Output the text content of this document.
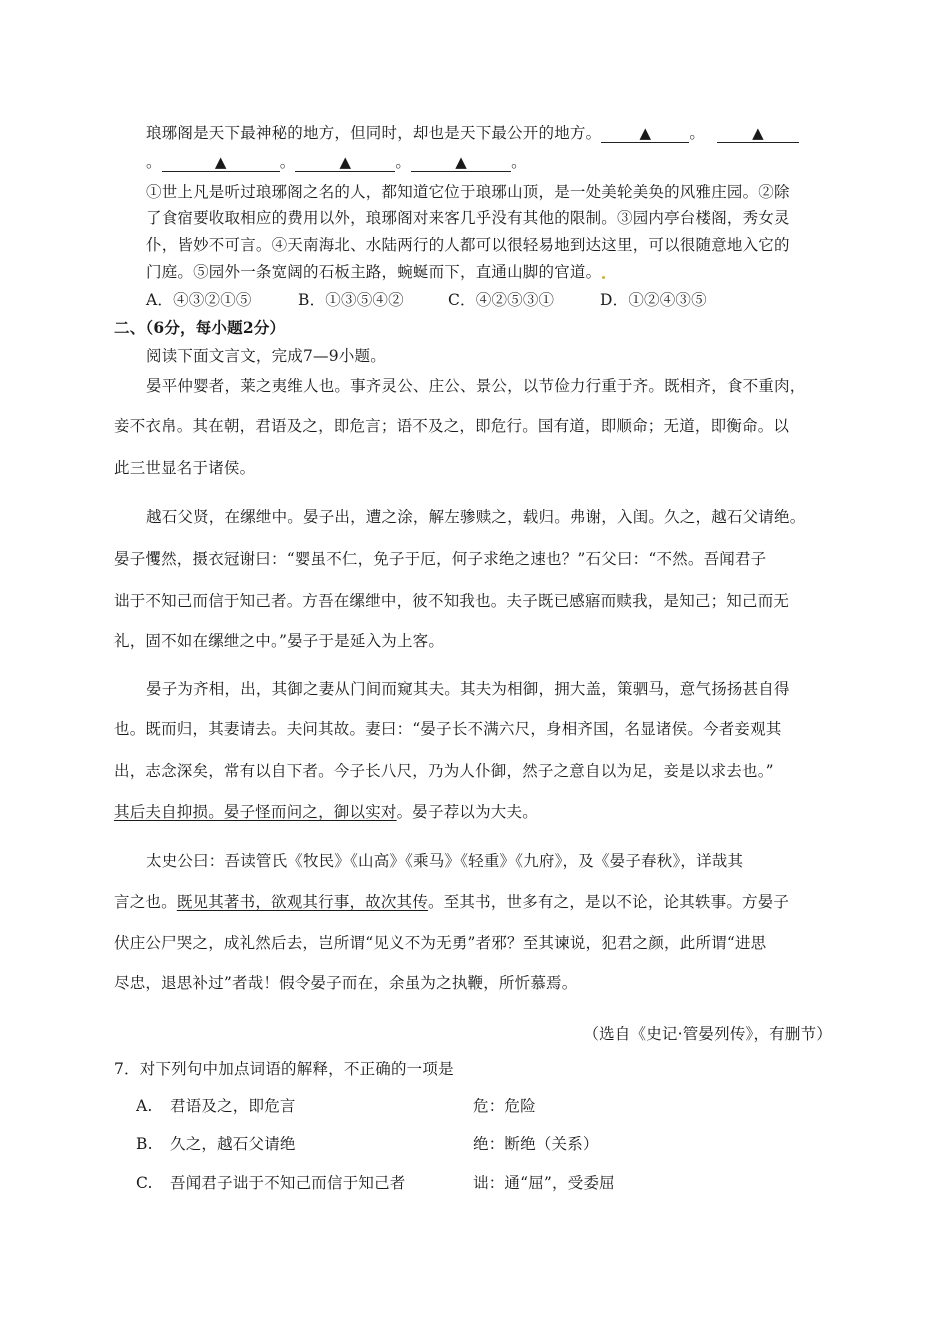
琅琊阁是天下最神秘的地方，但同时，却也是天下最公开的地方。	▲ 。	▲
。	▲	。	▲	。	▲	。
①世上凡是听过琅琊阁之名的人，都知道它位于琅琊山顶，是一处美轮美奂的风雅庄园。②除
了食宿要收取相应的费用以外，琅琊阁对来客几乎没有其他的限制。③园内亭台楼阁，秀女灵
仆，皆妙不可言。④天南海北、水陆两行的人都可以很轻易地到达这里，可以很随意地入它的
门庭。⑤园外一条宽阔的石板主路，蜿蜒而下，直通山脚的官道。
A．④③②①⑤	B．①③⑤④②	C．④②⑤③①	D．①②④③⑤
二、（6分，每小题2分）
阅读下面文言文，完成7—9小题。
晏平仲婴者，莱之夷维人也。事齐灵公、庄公、景公，以节俭力行重于齐。既相齐，食不重肉，
妾不衣帛。其在朝，君语及之，即危言；语不及之，即危行。国有道，即顺命；无道，即衡命。以
此三世显名于诸侯。
越石父贤，在缧绁中。晏子出，遭之涂，解左骖赎之，载归。弗谢，入闺。久之，越石父请绝。
晏子戄然，摄衣冠谢曰：“婴虽不仁，免子于厄，何子求绝之速也？”石父曰：“不然。吾闻君子
诎于不知己而信于知己者。方吾在缧绁中，彼不知我也。夫子既已感寤而赎我，是知己；知己而无
礼，固不如在缧绁之中。”晏子于是延入为上客。
晏子为齐相，出，其御之妻从门间而窥其夫。其夫为相御，拥大盖，策驷马，意气扬扬甚自得
也。既而归，其妻请去。夫问其故。妻曰：“晏子长不满六尺，身相齐国，名显诸侯。今者妾观其
出，志念深矣，常有以自下者。今子长八尺，乃为人仆御，然子之意自以为足，妾是以求去也。”
其后夫自抑损。晏子怪而问之，御以实对。晏子荐以为大夫。
太史公曰：吾读管氏《牧民》《山高》《乘马》《轻重》《九府》，及《晏子春秋》，详哉其
言之也。既见其著书，欲观其行事，故次其传。至其书，世多有之，是以不论，论其轶事。方晏子
伏庄公尸哭之，成礼然后去，岂所谓“见义不为无勇”者邪？至其谏说，犯君之颜，此所谓“进思
尽忠，退思补过”者哉！假令晏子而在，余虽为之执鞭，所忻慕焉。
（选自《史记·管晏列传》，有删节）
7．对下列句中加点词语的解释，不正确的一项是
A. 君语及之，即危言	危：危险
B. 久之，越石父请绝	绝：断绝（关系）
C. 吾闻君子诎于不知己而信于知己者	诎：通“屈”，受委屈
